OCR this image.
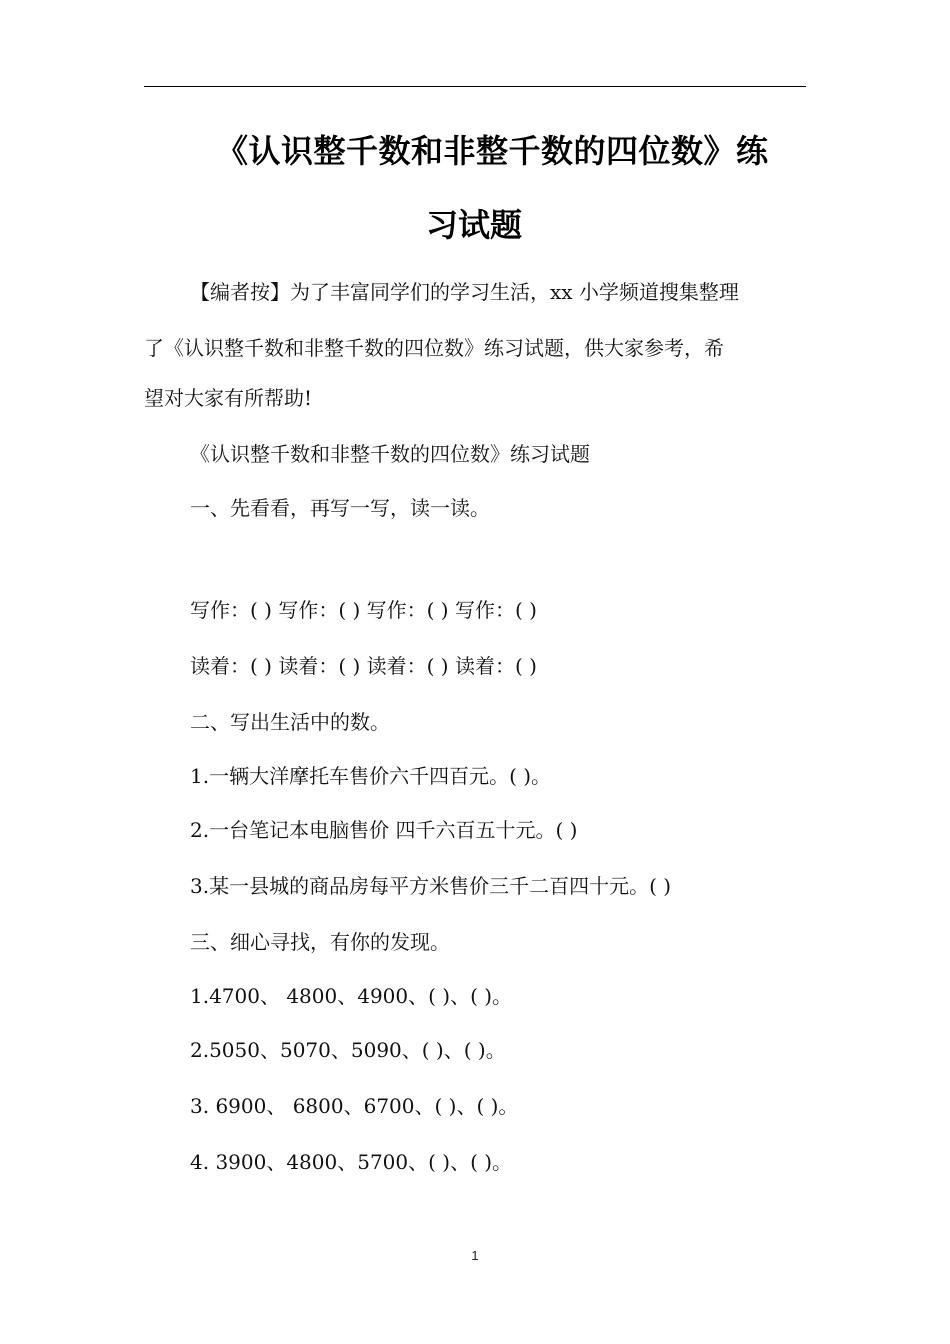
《认识整千数和非整千数的四位数》练
习试题
【编者按】为了丰富同学们的学习生活，xx 小学频道搜集整理
了《认识整千数和非整千数的四位数》练习试题，供大家参考，希
望对大家有所帮助!
《认识整千数和非整千数的四位数》练习试题
一、先看看，再写一写，读一读。
写作：( ) 写作：( ) 写作：( ) 写作：( )
读着：( ) 读着：( ) 读着：( ) 读着：( )
二、写出生活中的数。
1.一辆大洋摩托车售价六千四百元。( )。
2.一台笔记本电脑售价 四千六百五十元。( )
3.某一县城的商品房每平方米售价三千二百四十元。( )
三、细心寻找，有你的发现。
1.4700、 4800、4900、( )、( )。
2.5050、5070、5090、( )、( )。
3. 6900、 6800、6700、( )、( )。
4. 3900、4800、5700、( )、( )。
1
